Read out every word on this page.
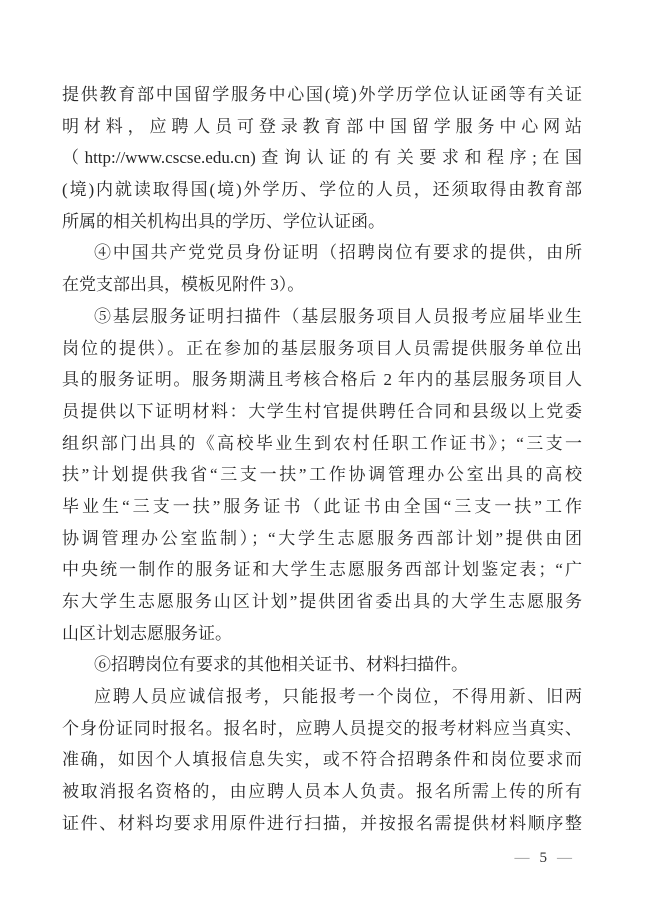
提供教育部中国留学服务中心国(境)外学历学位认证函等有关证
明材料，应聘人员可登录教育部中国留学服务中心网站
（http://www.cscse.edu.cn)查询认证的有关要求和程序;在国
(境)内就读取得国(境)外学历、学位的人员，还须取得由教育部
所属的相关机构出具的学历、学位认证函。
④中国共产党党员身份证明（招聘岗位有要求的提供，由所
在党支部出具，模板见附件 3）。
⑤基层服务证明扫描件（基层服务项目人员报考应届毕业生
岗位的提供）。正在参加的基层服务项目人员需提供服务单位出
具的服务证明。服务期满且考核合格后 2 年内的基层服务项目人
员提供以下证明材料：大学生村官提供聘任合同和县级以上党委
组织部门出具的《高校毕业生到农村任职工作证书》；“三支一
扶”计划提供我省“三支一扶”工作协调管理办公室出具的高校
毕业生“三支一扶”服务证书（此证书由全国“三支一扶”工作
协调管理办公室监制）；“大学生志愿服务西部计划”提供由团
中央统一制作的服务证和大学生志愿服务西部计划鉴定表；“广
东大学生志愿服务山区计划”提供团省委出具的大学生志愿服务
山区计划志愿服务证。
⑥招聘岗位有要求的其他相关证书、材料扫描件。
应聘人员应诚信报考，只能报考一个岗位，不得用新、旧两
个身份证同时报名。报名时，应聘人员提交的报考材料应当真实、
准确，如因个人填报信息失实，或不符合招聘条件和岗位要求而
被取消报名资格的，由应聘人员本人负责。报名所需上传的所有
证件、材料均要求用原件进行扫描，并按报名需提供材料顺序整
— 5 —
